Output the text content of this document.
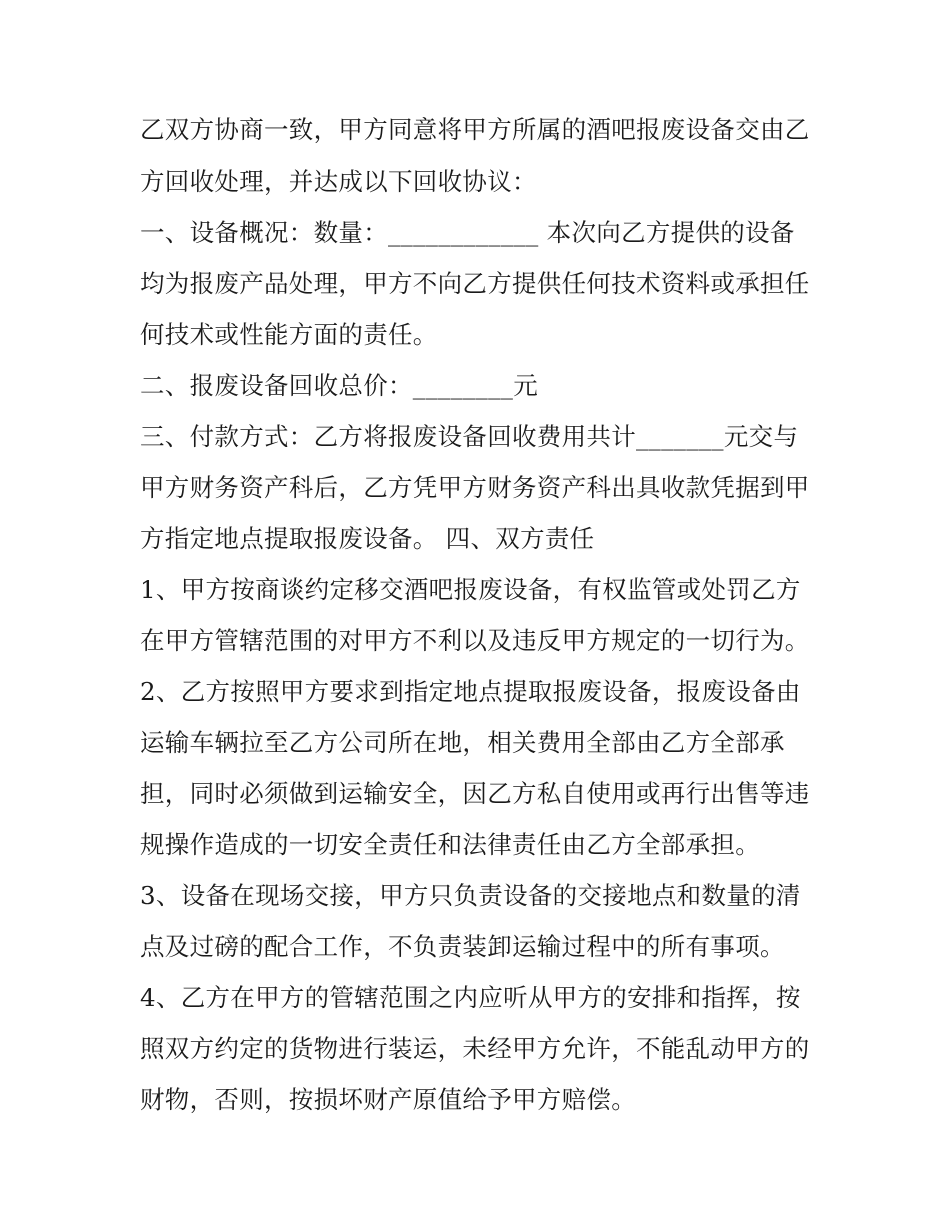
乙双方协商一致，甲方同意将甲方所属的酒吧报废设备交由乙
方回收处理，并达成以下回收协议：
一、设备概况：数量：____________ 本次向乙方提供的设备
均为报废产品处理，甲方不向乙方提供任何技术资料或承担任
何技术或性能方面的责任。
二、报废设备回收总价：________元
三、付款方式：乙方将报废设备回收费用共计_______元交与
甲方财务资产科后，乙方凭甲方财务资产科出具收款凭据到甲
方指定地点提取报废设备。 四、双方责任
1、甲方按商谈约定移交酒吧报废设备，有权监管或处罚乙方
在甲方管辖范围的对甲方不利以及违反甲方规定的一切行为。
2、乙方按照甲方要求到指定地点提取报废设备，报废设备由
运输车辆拉至乙方公司所在地，相关费用全部由乙方全部承
担，同时必须做到运输安全，因乙方私自使用或再行出售等违
规操作造成的一切安全责任和法律责任由乙方全部承担。
3、设备在现场交接，甲方只负责设备的交接地点和数量的清
点及过磅的配合工作，不负责装卸运输过程中的所有事项。
4、乙方在甲方的管辖范围之内应听从甲方的安排和指挥，按
照双方约定的货物进行装运，未经甲方允许，不能乱动甲方的
财物，否则，按损坏财产原值给予甲方赔偿。
